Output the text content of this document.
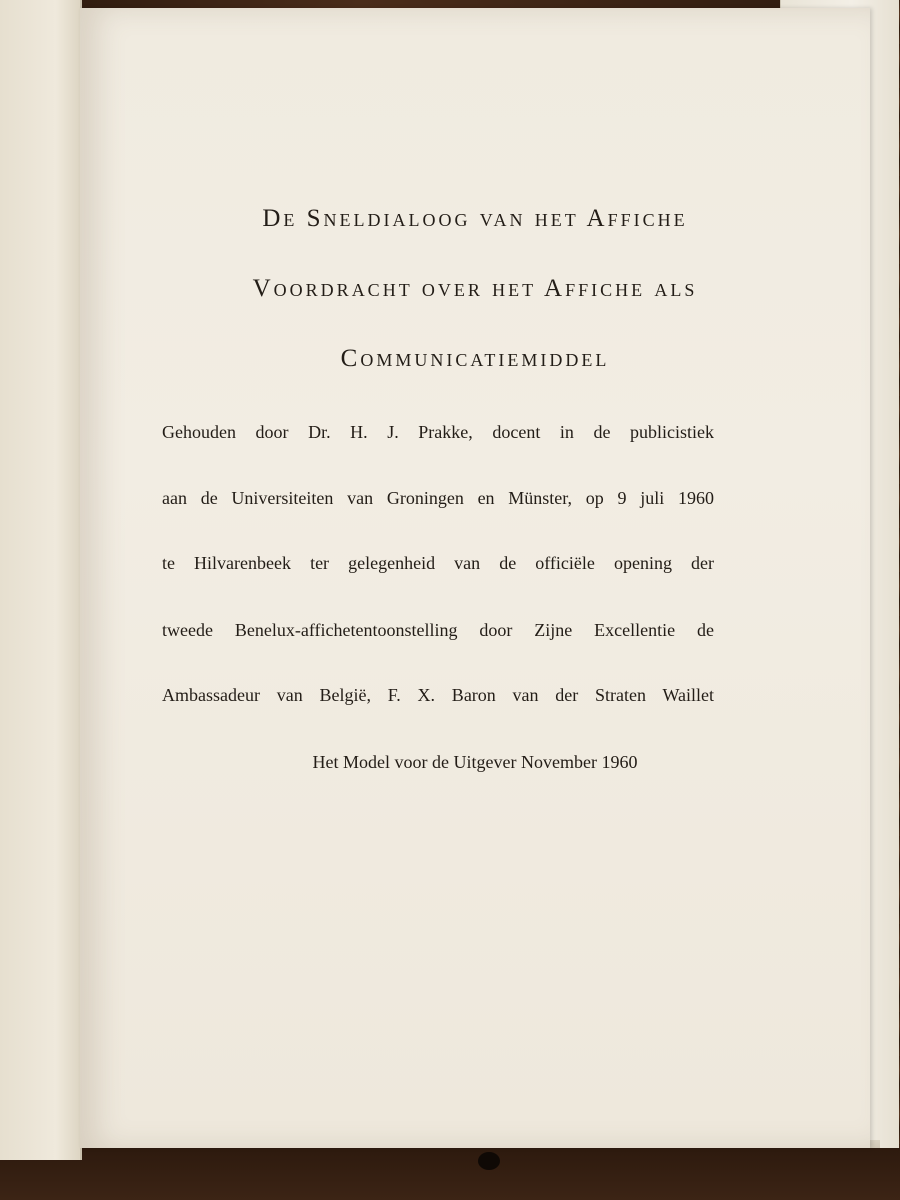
De Sneldialoog van het Affiche
Voordracht over het Affiche als
Communicatiemiddel

Gehouden door Dr. H. J. Prakke, docent in de publicistiek

aan de Universiteiten van Groningen en Münster, op 9 juli 1960

te Hilvarenbeek ter gelegenheid van de officiële opening der

tweede Benelux-affichetentoonstelling door Zijne Excellentie de

Ambassadeur van België, F. X. Baron van der Straten Waillet

Het Model voor de Uitgever November 1960
